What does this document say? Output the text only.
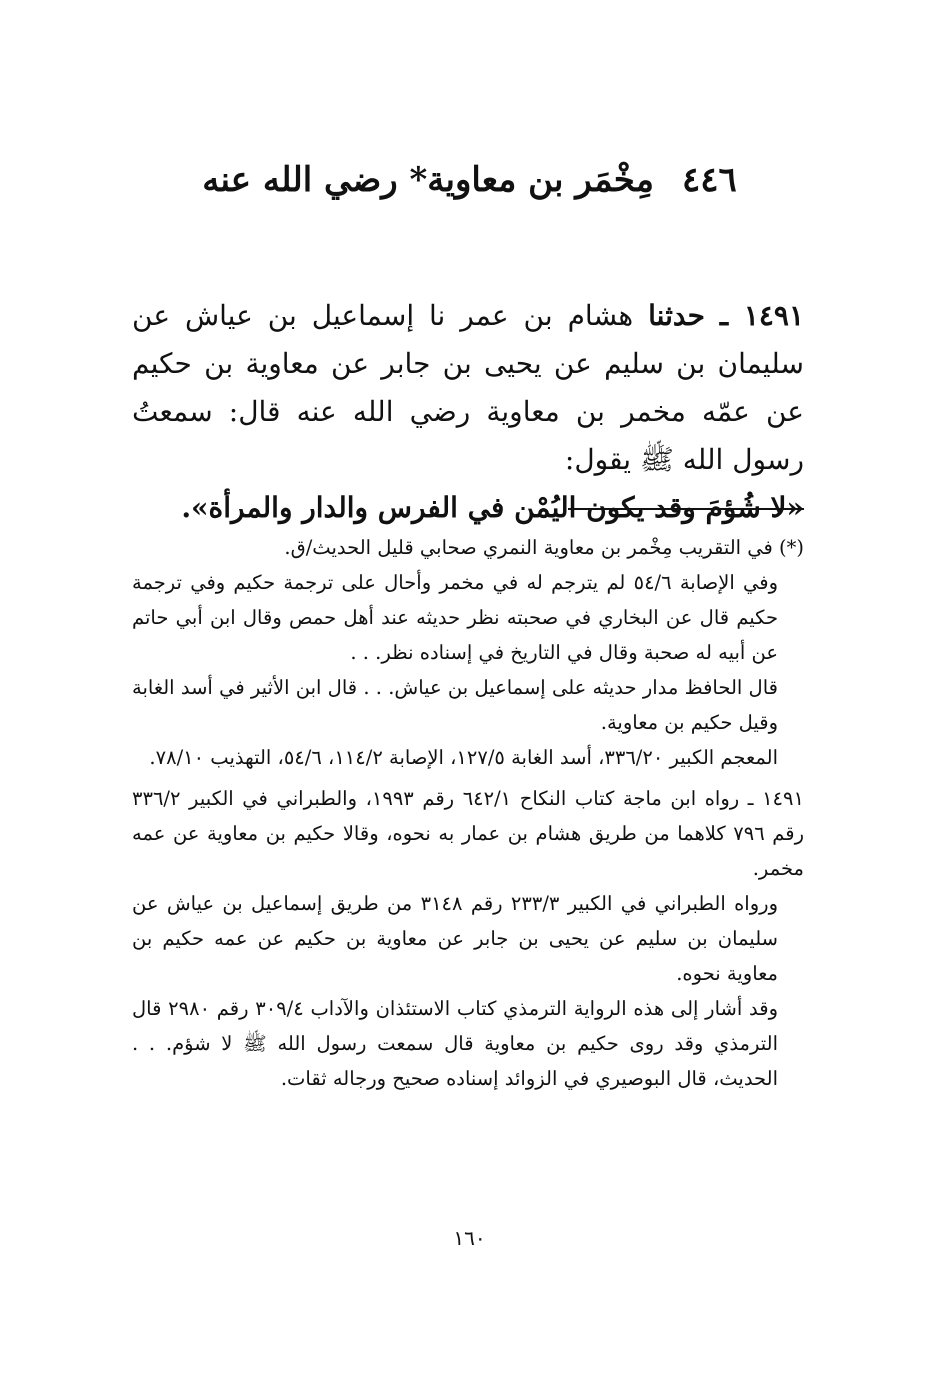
٤٤٦مِخْمَر بن معاوية* رضي الله عنه

١٤٩١ ـ حدثنا هشام بن عمر نا إسماعيل بن عياش عن سليمان بن سليم عن يحيى بن جابر عن معاوية بن حكيم عن عمّه مخمر بن معاوية رضي الله عنه قال: سمعتُ رسول الله ﷺ يقول:

«لا شُؤمَ وقد يكون اليُمْن في الفرس والدار والمرأة».

(*) في التقريب مِخْمر بن معاوية النمري صحابي قليل الحديث/ق.

وفي الإصابة ٥٤/٦ لم يترجم له في مخمر وأحال على ترجمة حكيم وفي ترجمة حكيم قال عن البخاري في صحبته نظر حديثه عند أهل حمص وقال ابن أبي حاتم عن أبيه له صحبة وقال في التاريخ في إسناده نظر. . .

قال الحافظ مدار حديثه على إسماعيل بن عياش. . . قال ابن الأثير في أسد الغابة وقيل حكيم بن معاوية.

المعجم الكبير ٣٣٦/٢٠، أسد الغابة ١٢٧/٥، الإصابة ١١٤/٢، ٥٤/٦، التهذيب ٧٨/١٠.

١٤٩١ ـ رواه ابن ماجة كتاب النكاح ٦٤٢/١ رقم ١٩٩٣، والطبراني في الكبير ٣٣٦/٢ رقم ٧٩٦ كلاهما من طريق هشام بن عمار به نحوه، وقالا حكيم بن معاوية عن عمه مخمر.

ورواه الطبراني في الكبير ٢٣٣/٣ رقم ٣١٤٨ من طريق إسماعيل بن عياش عن سليمان بن سليم عن يحيى بن جابر عن معاوية بن حكيم عن عمه حكيم بن معاوية نحوه.

وقد أشار إلى هذه الرواية الترمذي كتاب الاستئذان والآداب ٣٠٩/٤ رقم ٢٩٨٠ قال الترمذي وقد روى حكيم بن معاوية قال سمعت رسول الله ﷺ لا شؤم. . . الحديث، قال البوصيري في الزوائد إسناده صحيح ورجاله ثقات.

١٦٠
